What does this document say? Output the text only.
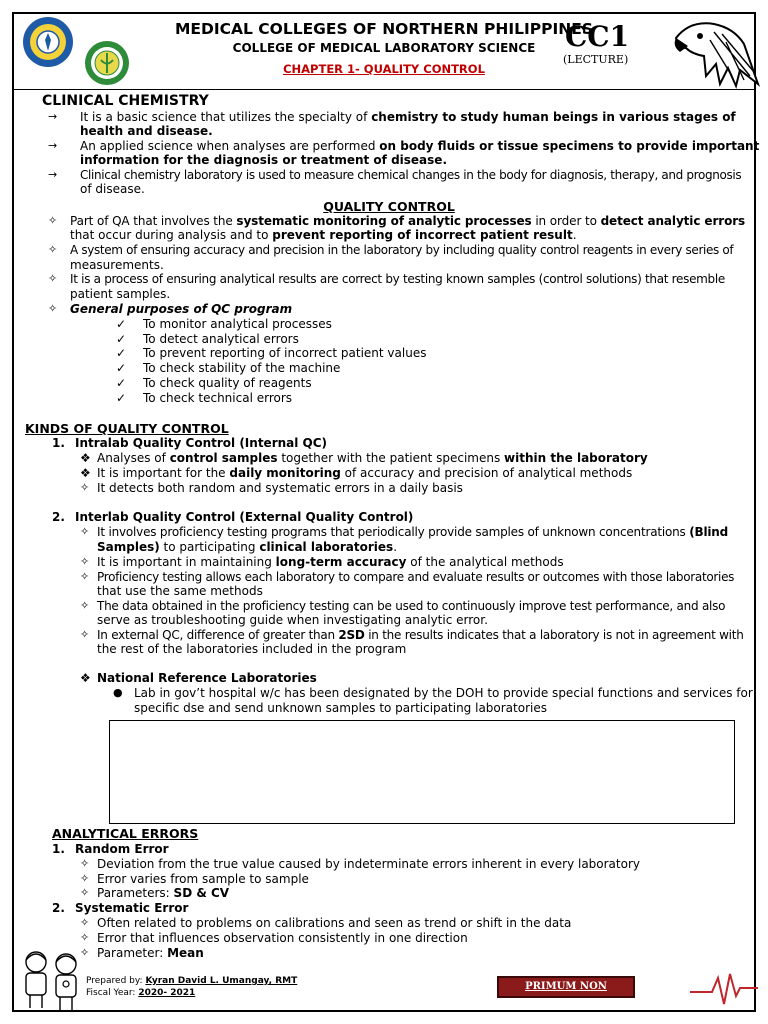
MEDICAL COLLEGES OF NORTHERN PHILIPPINES
COLLEGE OF MEDICAL LABORATORY SCIENCE
CHAPTER 1- QUALITY CONTROL
CC1
(LECTURE)
CLINICAL CHEMISTRY
→ It is a basic science that utilizes the specialty of chemistry to study human beings in various stages of
health and disease.
→ An applied science when analyses are performed on body fluids or tissue specimens to provide important
information for the diagnosis or treatment of disease.
→ Clinical chemistry laboratory is used to measure chemical changes in the body for diagnosis, therapy, and prognosis
of disease.
QUALITY CONTROL
✧ Part of QA that involves the systematic monitoring of analytic processes in order to detect analytic errors
that occur during analysis and to prevent reporting of incorrect patient result.
✧ A system of ensuring accuracy and precision in the laboratory by including quality control reagents in every series of
measurements.
✧ It is a process of ensuring analytical results are correct by testing known samples (control solutions) that resemble
patient samples.
✧ General purposes of QC program
✓ To monitor analytical processes
✓ To detect analytical errors
✓ To prevent reporting of incorrect patient values
✓ To check stability of the machine
✓ To check quality of reagents
✓ To check technical errors
KINDS OF QUALITY CONTROL
1. Intralab Quality Control (Internal QC)
❖ Analyses of control samples together with the patient specimens within the laboratory
❖ It is important for the daily monitoring of accuracy and precision of analytical methods
✧ It detects both random and systematic errors in a daily basis
2. Interlab Quality Control (External Quality Control)
✧ It involves proficiency testing programs that periodically provide samples of unknown concentrations (Blind
Samples) to participating clinical laboratories.
✧ It is important in maintaining long-term accuracy of the analytical methods
✧ Proficiency testing allows each laboratory to compare and evaluate results or outcomes with those laboratories
that use the same methods
✧ The data obtained in the proficiency testing can be used to continuously improve test performance, and also
serve as troubleshooting guide when investigating analytic error.
✧ In external QC, difference of greater than 2SD in the results indicates that a laboratory is not in agreement with
the rest of the laboratories included in the program
❖ National Reference Laboratories
● Lab in gov’t hospital w/c has been designated by the DOH to provide special functions and services for
specific dse and send unknown samples to participating laboratories
ANALYTICAL ERRORS
1. Random Error
✧ Deviation from the true value caused by indeterminate errors inherent in every laboratory
✧ Error varies from sample to sample
✧ Parameters: SD & CV
2. Systematic Error
✧ Often related to problems on calibrations and seen as trend or shift in the data
✧ Error that influences observation consistently in one direction
✧ Parameter: Mean
Prepared by: Kyran David L. Umangay, RMT
Fiscal Year: 2020- 2021
PRIMUM NON NOCERE
